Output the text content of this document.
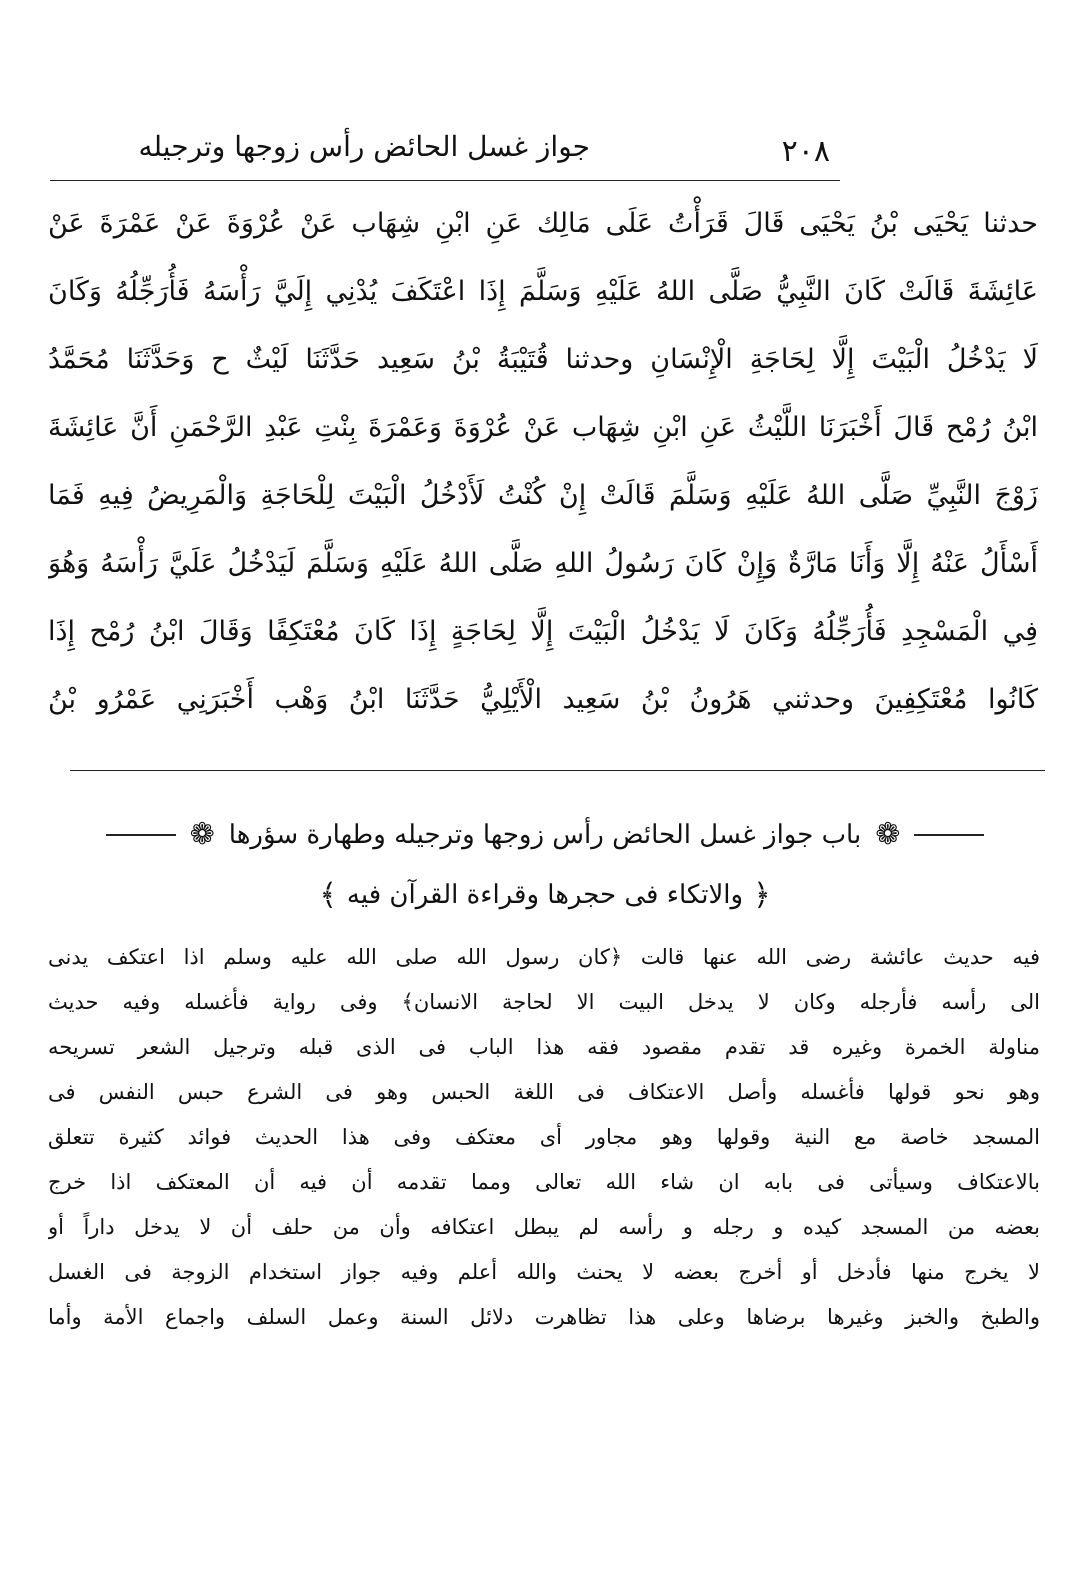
جواز غسل الحائض رأس زوجها وترجيله	٢٠٨
حدثنا يَحْيَى بْنُ يَحْيَى قَالَ قَرَأْتُ عَلَى مَالِك عَنِ ابْنِ شِهَاب عَنْ عُرْوَةَ عَنْ عَمْرَةَ عَنْ
عَائِشَةَ قَالَتْ كَانَ النَّبِيُّ صَلَّى اللهُ عَلَيْهِ وَسَلَّمَ إِذَا اعْتَكَفَ يُدْنِي إِلَيَّ رَأْسَهُ فَأُرَجِّلُهُ وَكَانَ
لَا يَدْخُلُ الْبَيْتَ إِلَّا لِحَاجَةِ الْإِنْسَانِ وحدثنا قُتَيْبَةُ بْنُ سَعِيد حَدَّثَنَا لَيْثٌ ح وَحَدَّثَنَا مُحَمَّدُ
ابْنُ رُمْح قَالَ أَخْبَرَنَا اللَّيْثُ عَنِ ابْنِ شِهَاب عَنْ عُرْوَةَ وَعَمْرَةَ بِنْتِ عَبْدِ الرَّحْمَنِ أَنَّ عَائِشَةَ
زَوْجَ النَّبِيِّ صَلَّى اللهُ عَلَيْهِ وَسَلَّمَ قَالَتْ إِنْ كُنْتُ لَأَدْخُلُ الْبَيْتَ لِلْحَاجَةِ وَالْمَرِيضُ فِيهِ فَمَا
أَسْأَلُ عَنْهُ إِلَّا وَأَنَا مَارَّةٌ وَإِنْ كَانَ رَسُولُ اللهِ صَلَّى اللهُ عَلَيْهِ وَسَلَّمَ لَيَدْخُلُ عَلَيَّ رَأْسَهُ وَهُوَ
فِي الْمَسْجِدِ فَأُرَجِّلُهُ وَكَانَ لَا يَدْخُلُ الْبَيْتَ إِلَّا لِحَاجَةٍ إِذَا كَانَ مُعْتَكِفًا وَقَالَ ابْنُ رُمْح إِذَا
كَانُوا مُعْتَكِفِينَ وحدثني هَرُونُ بْنُ سَعِيد الْأَيْلِيُّ حَدَّثَنَا ابْنُ وَهْب أَخْبَرَنِي عَمْرُو بْنُ
❁
باب جواز غسل الحائض رأس زوجها وترجيله وطهارة سؤرها
❁
﴿
والاتكاء فى حجرها وقراءة القرآن فيه
﴾
فيه حديث عائشة رضى الله عنها قالت ﴿كان رسول الله صلى الله عليه وسلم اذا اعتكف يدنى
الى رأسه فأرجله وكان لا يدخل البيت الا لحاجة الانسان﴾ وفى رواية فأغسله وفيه حديث
مناولة الخمرة وغيره قد تقدم مقصود فقه هذا الباب فى الذى قبله وترجيل الشعر تسريحه
وهو نحو قولها فأغسله وأصل الاعتكاف فى اللغة الحبس وهو فى الشرع حبس النفس فى
المسجد خاصة مع النية وقولها وهو مجاور أى معتكف وفى هذا الحديث فوائد كثيرة تتعلق
بالاعتكاف وسيأتى فى بابه ان شاء الله تعالى ومما تقدمه أن فيه أن المعتكف اذا خرج
بعضه من المسجد كيده و رجله و رأسه لم يبطل اعتكافه وأن من حلف أن لا يدخل داراً أو
لا يخرج منها فأدخل أو أخرج بعضه لا يحنث والله أعلم وفيه جواز استخدام الزوجة فى الغسل
والطبخ والخبز وغيرها برضاها وعلى هذا تظاهرت دلائل السنة وعمل السلف واجماع الأمة وأما
